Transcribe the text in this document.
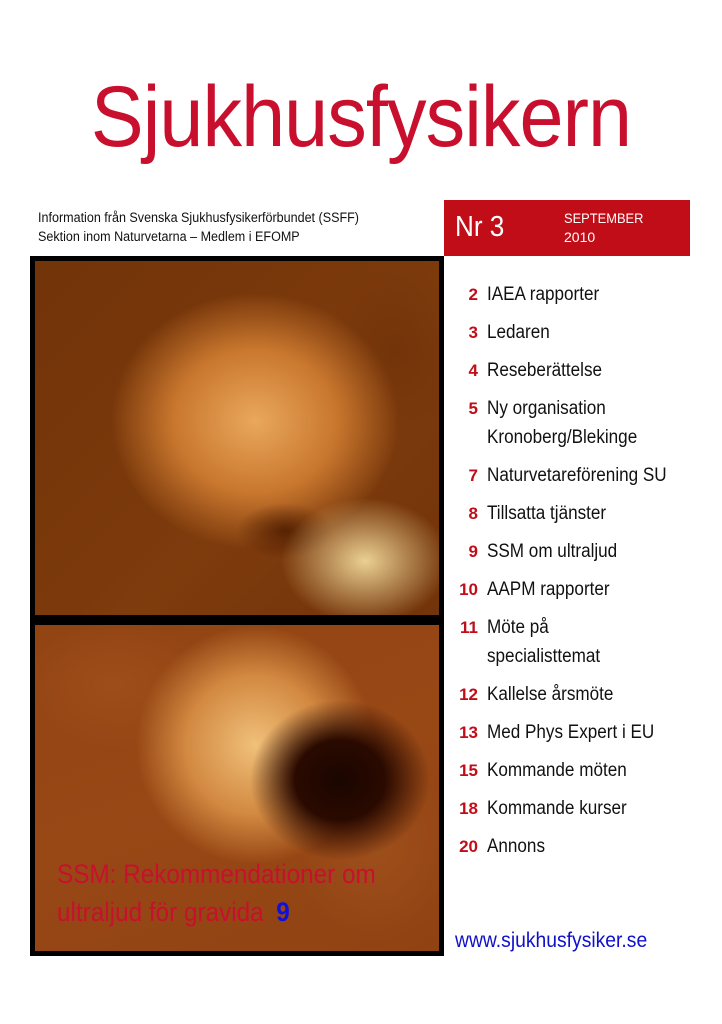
Sjukhusfysikern
Information från Svenska Sjukhusfysikerförbundet (SSFF)
Sektion inom Naturvetarna – Medlem i EFOMP	Nr 3	SEPTEMBER
2010
SSM: Rekommendationer om
ultraljud för gravida 9
2 IAEA rapporter
3 Ledaren
4 Reseberättelse
5 Ny organisation
Kronoberg/Blekinge
7 Naturvetareförening SU
8 Tillsatta tjänster
9 SSM om ultraljud
10 AAPM rapporter
11 Möte på
specialisttemat
12 Kallelse årsmöte
13 Med Phys Expert i EU
15 Kommande möten
18 Kommande kurser
20 Annons
www.sjukhusfysiker.se
